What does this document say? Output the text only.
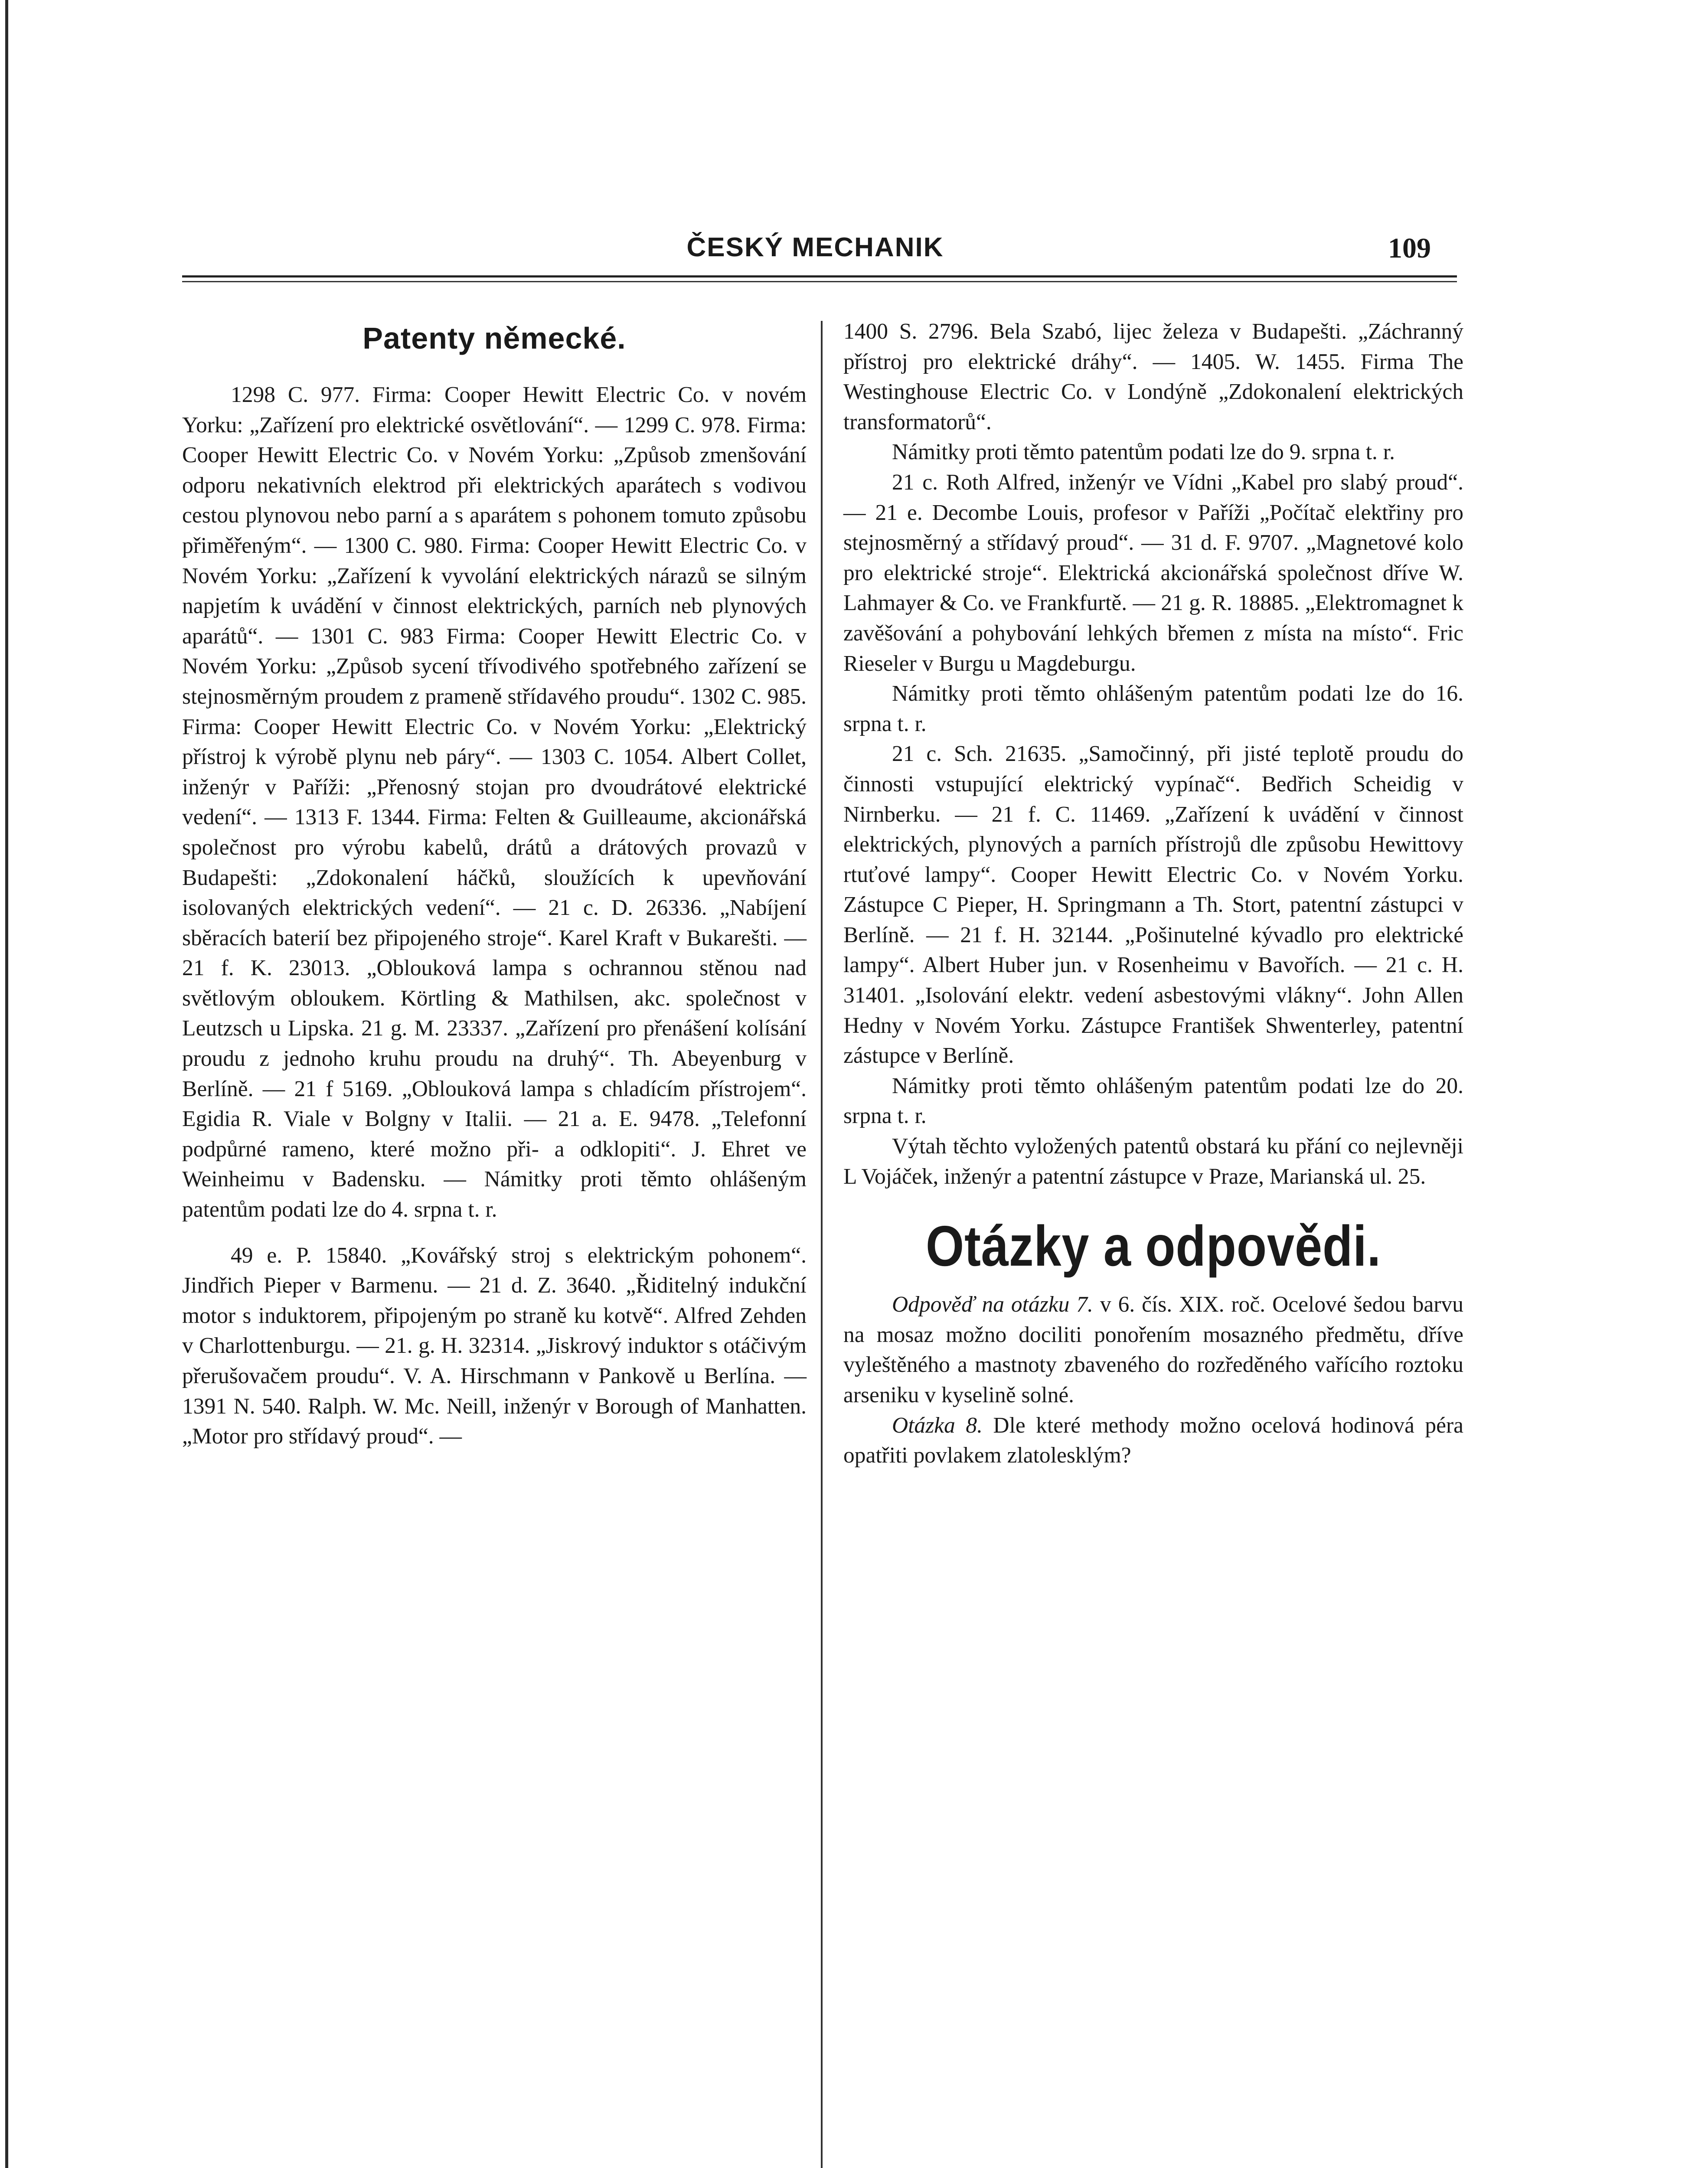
ČESKÝ MECHANIK	109
Patenty německé.

1298 C. 977. Firma: Cooper Hewitt Electric Co. v novém Yorku: „Zařízení pro elektrické osvětlování“. — 1299 C. 978. Firma: Cooper Hewitt Electric Co. v Novém Yorku: „Způsob zmenšování odporu nekativních elektrod při elektrických aparátech s vodivou cestou plynovou nebo parní a s aparátem s pohonem tomuto způsobu přiměřeným“. — 1300 C. 980. Firma: Cooper Hewitt Electric Co. v Novém Yorku: „Zařízení k vyvolání elektrických nárazů se silným napjetím k uvádění v činnost elektrických, parních neb plynových aparátů“. — 1301 C. 983 Firma: Cooper Hewitt Electric Co. v Novém Yorku: „Způsob sycení třívodivého spotřebného zařízení se stejnosměrným proudem z prameně střídavého proudu“. 1302 C. 985. Firma: Cooper Hewitt Electric Co. v Novém Yorku: „Elektrický přístroj k výrobě plynu neb páry“. — 1303 C. 1054. Albert Collet, inženýr v Paříži: „Přenosný stojan pro dvoudrátové elektrické vedení“. — 1313 F. 1344. Firma: Felten & Guilleaume, akcionářská společnost pro výrobu kabelů, drátů a drátových provazů v Budapešti: „Zdokonalení háčků, sloužících k upevňování isolovaných elektrických vedení“. — 21 c. D. 26336. „Nabíjení sběracích baterií bez připojeného stroje“. Karel Kraft v Bukarešti. — 21 f. K. 23013. „Oblouková lampa s ochrannou stěnou nad světlovým obloukem. Körtling & Mathilsen, akc. společnost v Leutzsch u Lipska. 21 g. M. 23337. „Zařízení pro přenášení kolísání proudu z jednoho kruhu proudu na druhý“. Th. Abeyenburg v Berlíně. — 21 f 5169. „Oblouková lampa s chladícím přístrojem“. Egidia R. Viale v Bolgny v Italii. — 21 a. E. 9478. „Telefonní podpůrné rameno, které možno při- a odklopiti“. J. Ehret ve Weinheimu v Badensku. — Námitky proti těmto ohlášeným patentům podati lze do 4. srpna t. r.

49 e. P. 15840. „Kovářský stroj s elektrickým pohonem“. Jindřich Pieper v Barmenu. — 21 d. Z. 3640. „Řiditelný indukční motor s induktorem, připojeným po straně ku kotvě“. Alfred Zehden v Charlottenburgu. — 21. g. H. 32314. „Jiskrový induktor s otáčivým přerušovačem proudu“. V. A. Hirschmann v Pankově u Berlína. — 1391 N. 540. Ralph. W. Mc. Neill, inženýr v Borough of Manhatten. „Motor pro střídavý proud“. —

1400 S. 2796. Bela Szabó, lijec železa v Budapešti. „Záchranný přístroj pro elektrické dráhy“. — 1405. W. 1455. Firma The Westinghouse Electric Co. v Londýně „Zdokonalení elektrických transformatorů“.

Námitky proti těmto patentům podati lze do 9. srpna t. r.

21 c. Roth Alfred, inženýr ve Vídni „Kabel pro slabý proud“. — 21 e. Decombe Louis, profesor v Paříži „Počítač elektřiny pro stejnosměrný a střídavý proud“. — 31 d. F. 9707. „Magnetové kolo pro elektrické stroje“. Elektrická akcionářská společnost dříve W. Lahmayer & Co. ve Frankfurtě. — 21 g. R. 18885. „Elektromagnet k zavěšování a pohybování lehkých břemen z místa na místo“. Fric Rieseler v Burgu u Magdeburgu.

Námitky proti těmto ohlášeným patentům podati lze do 16. srpna t. r.

21 c. Sch. 21635. „Samočinný, při jisté teplotě proudu do činnosti vstupující elektrický vypínač“. Bedřich Scheidig v Nirnberku. — 21 f. C. 11469. „Zařízení k uvádění v činnost elektrických, plynových a parních přístrojů dle způsobu Hewittovy rtuťové lampy“. Cooper Hewitt Electric Co. v Novém Yorku. Zástupce C Pieper, H. Springmann a Th. Stort, patentní zástupci v Berlíně. — 21 f. H. 32144. „Pošinutelné kývadlo pro elektrické lampy“. Albert Huber jun. v Rosenheimu v Bavořích. — 21 c. H. 31401. „Isolování elektr. vedení asbestovými vlákny“. John Allen Hedny v Novém Yorku. Zástupce František Shwenterley, patentní zástupce v Berlíně.

Námitky proti těmto ohlášeným patentům podati lze do 20. srpna t. r.

Výtah těchto vyložených patentů obstará ku přání co nejlevněji L Vojáček, inženýr a patentní zástupce v Praze, Marianská ul. 25.

Otázky a odpovědi.

Odpověď na otázku 7. v 6. čís. XIX. roč. Ocelové šedou barvu na mosaz možno dociliti ponořením mosazného předmětu, dříve vyleštěného a mastnoty zbaveného do rozředěného vařícího roztoku arseniku v kyselině solné.

Otázka 8. Dle které methody možno ocelová hodinová péra opatřiti povlakem zlatolesklým?
